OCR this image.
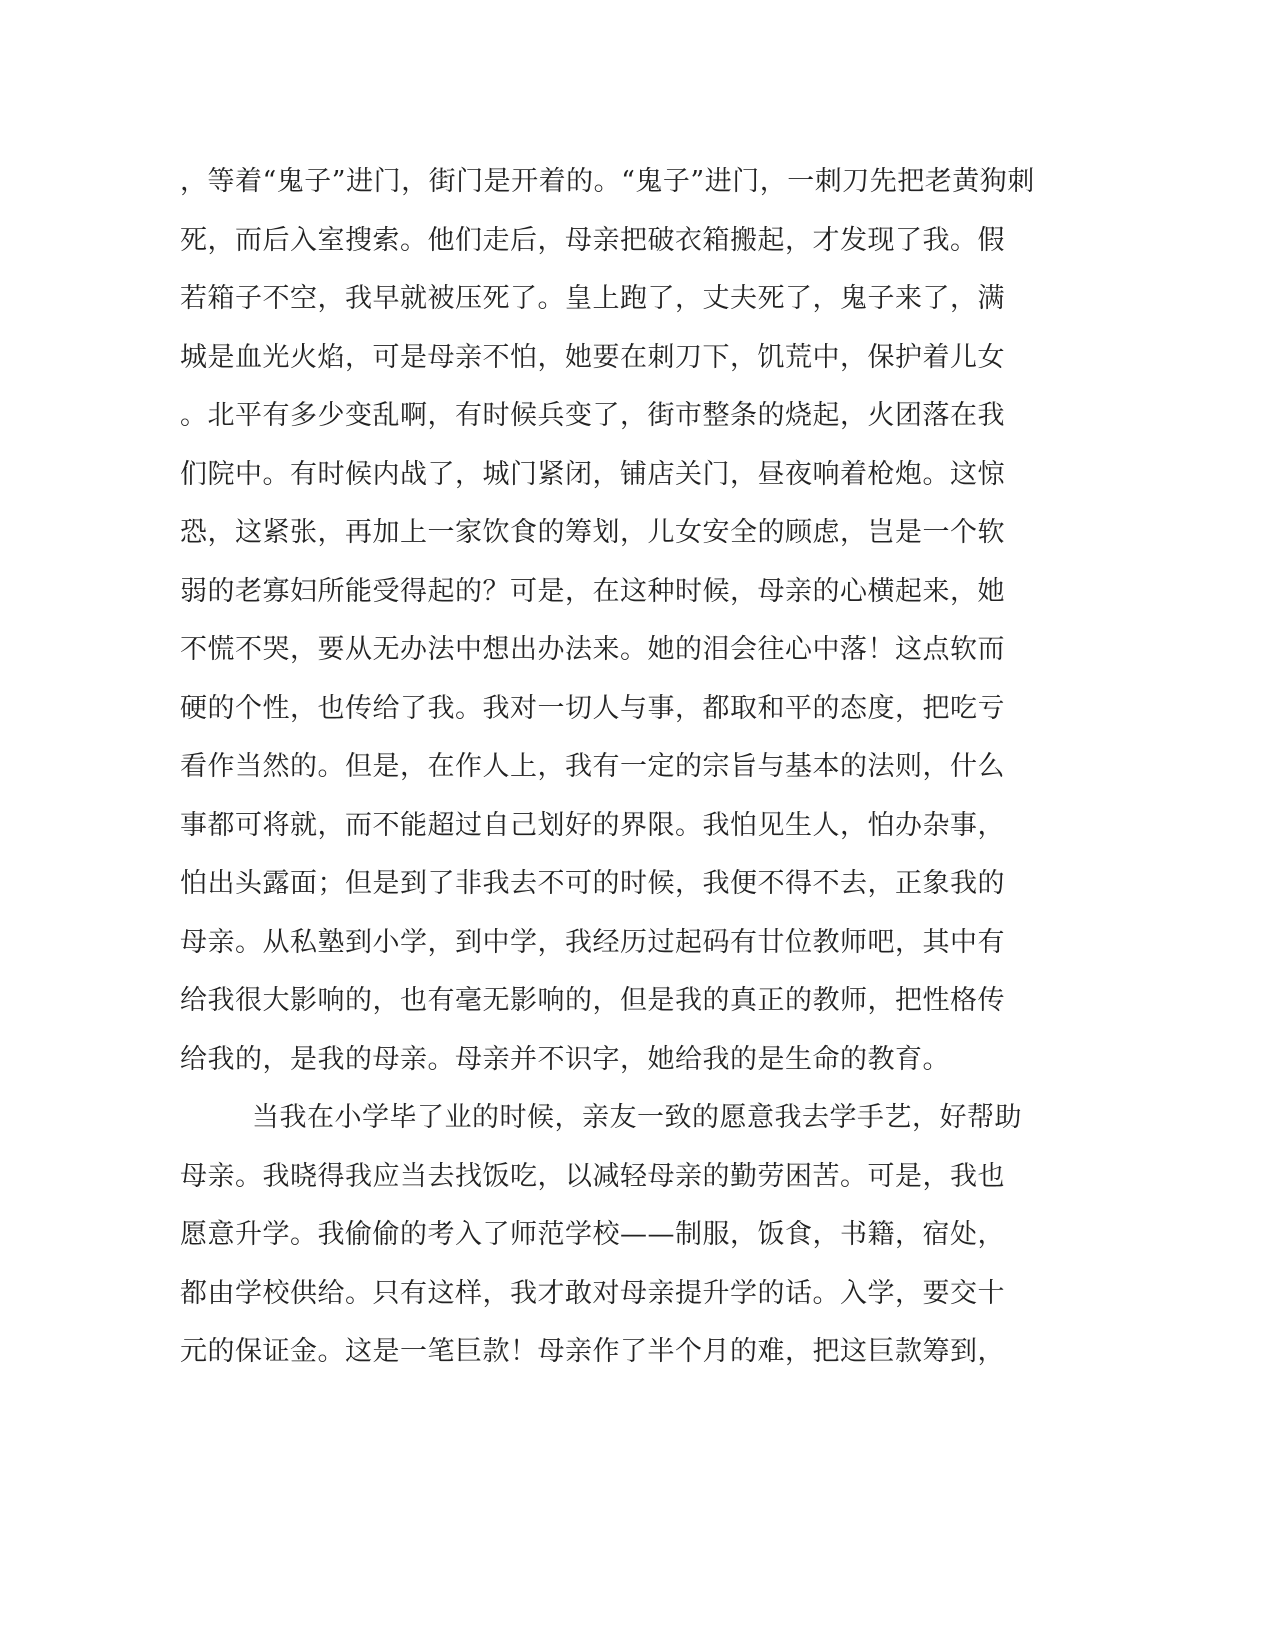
，等着“鬼子”进门，街门是开着的。“鬼子”进门，一刺刀先把老黄狗刺
死，而后入室搜索。他们走后，母亲把破衣箱搬起，才发现了我。假
若箱子不空，我早就被压死了。皇上跑了，丈夫死了，鬼子来了，满
城是血光火焰，可是母亲不怕，她要在刺刀下，饥荒中，保护着儿女
。北平有多少变乱啊，有时候兵变了，街市整条的烧起，火团落在我
们院中。有时候内战了，城门紧闭，铺店关门，昼夜响着枪炮。这惊
恐，这紧张，再加上一家饮食的筹划，儿女安全的顾虑，岂是一个软
弱的老寡妇所能受得起的？可是，在这种时候，母亲的心横起来，她
不慌不哭，要从无办法中想出办法来。她的泪会往心中落！这点软而
硬的个性，也传给了我。我对一切人与事，都取和平的态度，把吃亏
看作当然的。但是，在作人上，我有一定的宗旨与基本的法则，什么
事都可将就，而不能超过自己划好的界限。我怕见生人，怕办杂事，
怕出头露面；但是到了非我去不可的时候，我便不得不去，正象我的
母亲。从私塾到小学，到中学，我经历过起码有廿位教师吧，其中有
给我很大影响的，也有毫无影响的，但是我的真正的教师，把性格传
给我的，是我的母亲。母亲并不识字，她给我的是生命的教育。
当我在小学毕了业的时候，亲友一致的愿意我去学手艺，好帮助
母亲。我晓得我应当去找饭吃，以减轻母亲的勤劳困苦。可是，我也
愿意升学。我偷偷的考入了师范学校——制服，饭食，书籍，宿处，
都由学校供给。只有这样，我才敢对母亲提升学的话。入学，要交十
元的保证金。这是一笔巨款！母亲作了半个月的难，把这巨款筹到，
